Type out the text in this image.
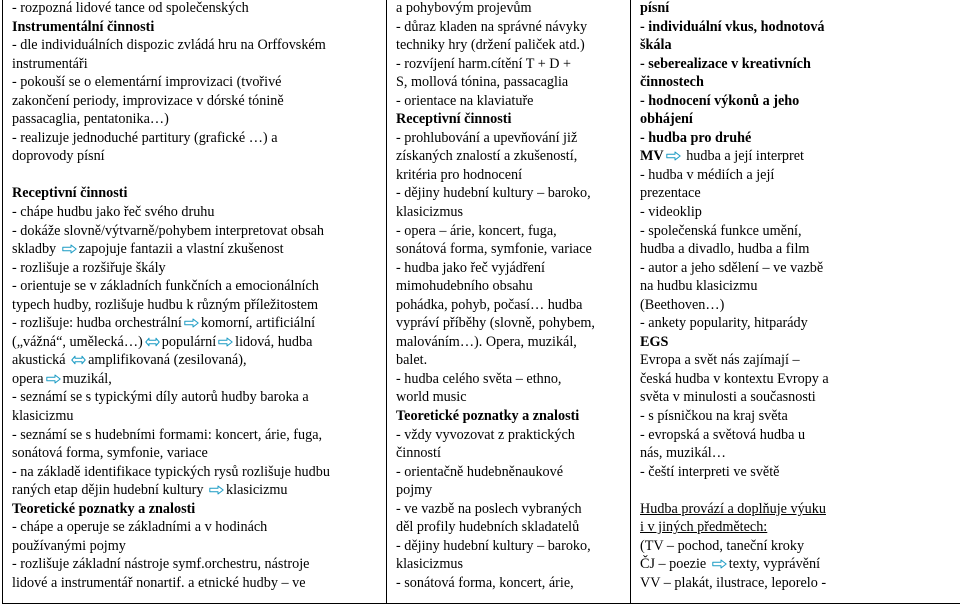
- rozpozná lidové tance od společenských
Instrumentální činnosti
- dle individuálních dispozic zvládá hru na Orffovském
instrumentáři
- pokouší se o elementární improvizaci (tvořivé
zakončení periody, improvizace v dórské tónině
passacaglia, pentatonika…)
- realizuje jednoduché partitury (grafické …) a
doprovody písní
Receptivní činnosti
- chápe hudbu jako řeč svého druhu
- dokáže slovně/výtvarně/pohybem interpretovat obsah
skladby zapojuje fantazii a vlastní zkušenost
- rozlišuje a rozšiřuje škály
- orientuje se v základních funkčních a emocionálních
typech hudby, rozlišuje hudbu k různým příležitostem
- rozlišuje: hudba orchestrální komorní, artificiální
(„vážná“, umělecká…) populární lidová, hudba
akustická amplifikovaná (zesilovaná),
opera muzikál,
- seznámí se s typickými díly autorů hudby baroka a
klasicizmu
- seznámí se s hudebními formami: koncert, árie, fuga,
sonátová forma, symfonie, variace
- na základě identifikace typických rysů rozlišuje hudbu
raných etap dějin hudební kultury klasicizmu
Teoretické poznatky a znalosti
- chápe a operuje se základními a v hodinách
používanými pojmy
- rozlišuje základní nástroje symf.orchestru, nástroje
lidové a instrumentář nonartif. a etnické hudby – ve

a pohybovým projevům
- důraz kladen na správné návyky
techniky hry (držení paliček atd.)
- rozvíjení harm.cítění T + D +
S, mollová tónina, passacaglia
- orientace na klaviatuře
Receptivní činnosti
- prohlubování a upevňování již
získaných znalostí a zkušeností,
kritéria pro hodnocení
- dějiny hudební kultury – baroko,
klasicizmus
- opera – árie, koncert, fuga,
sonátová forma, symfonie, variace
- hudba jako řeč vyjádření
mimohudebního obsahu
pohádka, pohyb, počasí… hudba
vypráví příběhy (slovně, pohybem,
malováním…). Opera, muzikál,
balet.
- hudba celého světa – ethno,
world music
Teoretické poznatky a znalosti
- vždy vyvozovat z praktických
činností
- orientačně hudebněnaukové
pojmy
- ve vazbě na poslech vybraných
děl profily hudebních skladatelů
- dějiny hudební kultury – baroko,
klasicizmus
- sonátová forma, koncert, árie,

písní
- individuální vkus, hodnotová
škála
- seberealizace v kreativních
činnostech
- hodnocení výkonů a jeho
obhájení
- hudba pro druhé
MV hudba a její interpret
- hudba v médiích a její
prezentace
- videoklip
- společenská funkce umění,
hudba a divadlo, hudba a film
- autor a jeho sdělení – ve vazbě
na hudbu klasicizmu
(Beethoven…)
- ankety popularity, hitparády
EGS
Evropa a svět nás zajímají –
česká hudba v kontextu Evropy a
světa v minulosti a současnosti
- s písničkou na kraj světa
- evropská a světová hudba u
nás, muzikál…
- čeští interpreti ve světě
Hudba provází a doplňuje výuku
i v jiných předmětech:
(TV – pochod, taneční kroky
ČJ – poezie texty, vyprávění
VV – plakát, ilustrace, leporelo -
